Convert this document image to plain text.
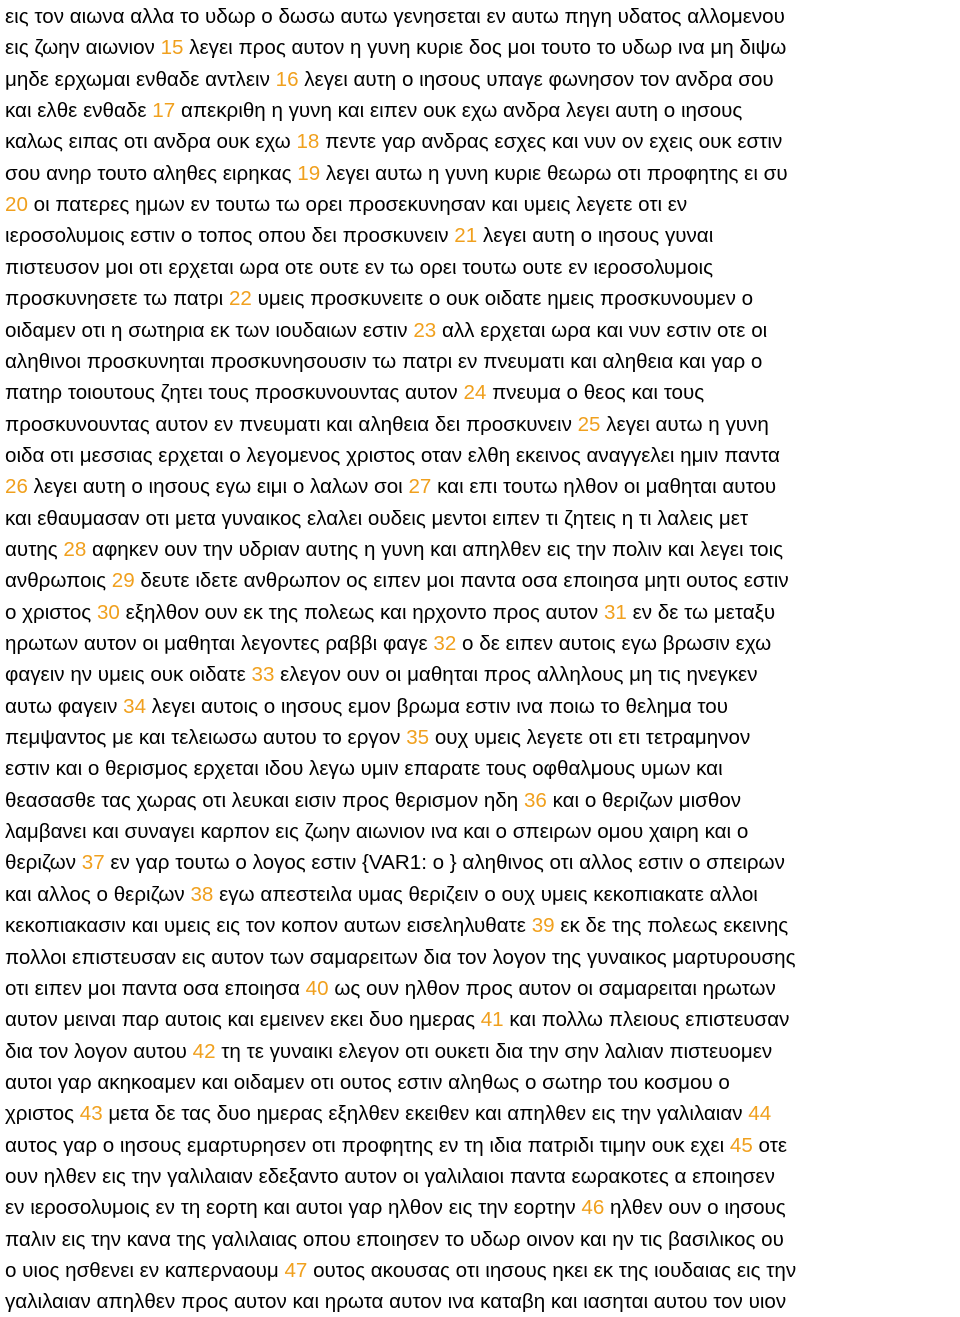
εις τον αιωνα αλλα το υδωρ ο δωσω αυτω γενησεται εν αυτω πηγη υδατος αλλομενου
εις ζωην αιωνιον 15 λεγει προς αυτον η γυνη κυριε δος μοι τουτο το υδωρ ινα μη διψω
μηδε ερχωμαι ενθαδε αντλειν 16 λεγει αυτη ο ιησους υπαγε φωνησον τον ανδρα σου
και ελθε ενθαδε 17 απεκριθη η γυνη και ειπεν ουκ εχω ανδρα λεγει αυτη ο ιησους
καλως ειπας οτι ανδρα ουκ εχω 18 πεντε γαρ ανδρας εσχες και νυν ον εχεις ουκ εστιν
σου ανηρ τουτο αληθες ειρηκας 19 λεγει αυτω η γυνη κυριε θεωρω οτι προφητης ει συ
20 οι πατερες ημων εν τουτω τω ορει προσεκυνησαν και υμεις λεγετε οτι εν
ιεροσολυμοις εστιν ο τοπος οπου δει προσκυνειν 21 λεγει αυτη ο ιησους γυναι
πιστευσον μοι οτι ερχεται ωρα οτε ουτε εν τω ορει τουτω ουτε εν ιεροσολυμοις
προσκυνησετε τω πατρι 22 υμεις προσκυνειτε ο ουκ οιδατε ημεις προσκυνουμεν ο
οιδαμεν οτι η σωτηρια εκ των ιουδαιων εστιν 23 αλλ ερχεται ωρα και νυν εστιν οτε οι
αληθινοι προσκυνηται προσκυνησουσιν τω πατρι εν πνευματι και αληθεια και γαρ ο
πατηρ τοιουτους ζητει τους προσκυνουντας αυτον 24 πνευμα ο θεος και τους
προσκυνουντας αυτον εν πνευματι και αληθεια δει προσκυνειν 25 λεγει αυτω η γυνη
οιδα οτι μεσσιας ερχεται ο λεγομενος χριστος οταν ελθη εκεινος αναγγελει ημιν παντα
26 λεγει αυτη ο ιησους εγω ειμι ο λαλων σοι 27 και επι τουτω ηλθον οι μαθηται αυτου
και εθαυμασαν οτι μετα γυναικος ελαλει ουδεις μεντοι ειπεν τι ζητεις η τι λαλεις μετ
αυτης 28 αφηκεν ουν την υδριαν αυτης η γυνη και απηλθεν εις την πολιν και λεγει τοις
ανθρωποις 29 δευτε ιδετε ανθρωπον ος ειπεν μοι παντα οσα εποιησα μητι ουτος εστιν
ο χριστος 30 εξηλθον ουν εκ της πολεως και ηρχοντο προς αυτον 31 εν δε τω μεταξυ
ηρωτων αυτον οι μαθηται λεγοντες ραββι φαγε 32 ο δε ειπεν αυτοις εγω βρωσιν εχω
φαγειν ην υμεις ουκ οιδατε 33 ελεγον ουν οι μαθηται προς αλληλους μη τις ηνεγκεν
αυτω φαγειν 34 λεγει αυτοις ο ιησους εμον βρωμα εστιν ινα ποιω το θελημα του
πεμψαντος με και τελειωσω αυτου το εργον 35 ουχ υμεις λεγετε οτι ετι τετραμηνον
εστιν και ο θερισμος ερχεται ιδου λεγω υμιν επαρατε τους οφθαλμους υμων και
θεασασθε τας χωρας οτι λευκαι εισιν προς θερισμον ηδη 36 και ο θεριζων μισθον
λαμβανει και συναγει καρπον εις ζωην αιωνιον ινα και ο σπειρων ομου χαιρη και ο
θεριζων 37 εν γαρ τουτω ο λογος εστιν {VAR1: ο } αληθινος οτι αλλος εστιν ο σπειρων
και αλλος ο θεριζων 38 εγω απεστειλα υμας θεριζειν ο ουχ υμεις κεκοπιακατε αλλοι
κεκοπιακασιν και υμεις εις τον κοπον αυτων εισεληλυθατε 39 εκ δε της πολεως εκεινης
πολλοι επιστευσαν εις αυτον των σαμαρειτων δια τον λογον της γυναικος μαρτυρουσης
οτι ειπεν μοι παντα οσα εποιησα 40 ως ουν ηλθον προς αυτον οι σαμαρειται ηρωτων
αυτον μειναι παρ αυτοις και εμεινεν εκει δυο ημερας 41 και πολλω πλειους επιστευσαν
δια τον λογον αυτου 42 τη τε γυναικι ελεγον οτι ουκετι δια την σην λαλιαν πιστευομεν
αυτοι γαρ ακηκοαμεν και οιδαμεν οτι ουτος εστιν αληθως ο σωτηρ του κοσμου ο
χριστος 43 μετα δε τας δυο ημερας εξηλθεν εκειθεν και απηλθεν εις την γαλιλαιαν 44
αυτος γαρ ο ιησους εμαρτυρησεν οτι προφητης εν τη ιδια πατριδι τιμην ουκ εχει 45 οτε
ουν ηλθεν εις την γαλιλαιαν εδεξαντο αυτον οι γαλιλαιοι παντα εωρακοτες α εποιησεν
εν ιεροσολυμοις εν τη εορτη και αυτοι γαρ ηλθον εις την εορτην 46 ηλθεν ουν ο ιησους
παλιν εις την κανα της γαλιλαιας οπου εποιησεν το υδωρ οινον και ην τις βασιλικος ου
ο υιος ησθενει εν καπερναουμ 47 ουτος ακουσας οτι ιησους ηκει εκ της ιουδαιας εις την
γαλιλαιαν απηλθεν προς αυτον και ηρωτα αυτον ινα καταβη και ιασηται αυτου τον υιον
